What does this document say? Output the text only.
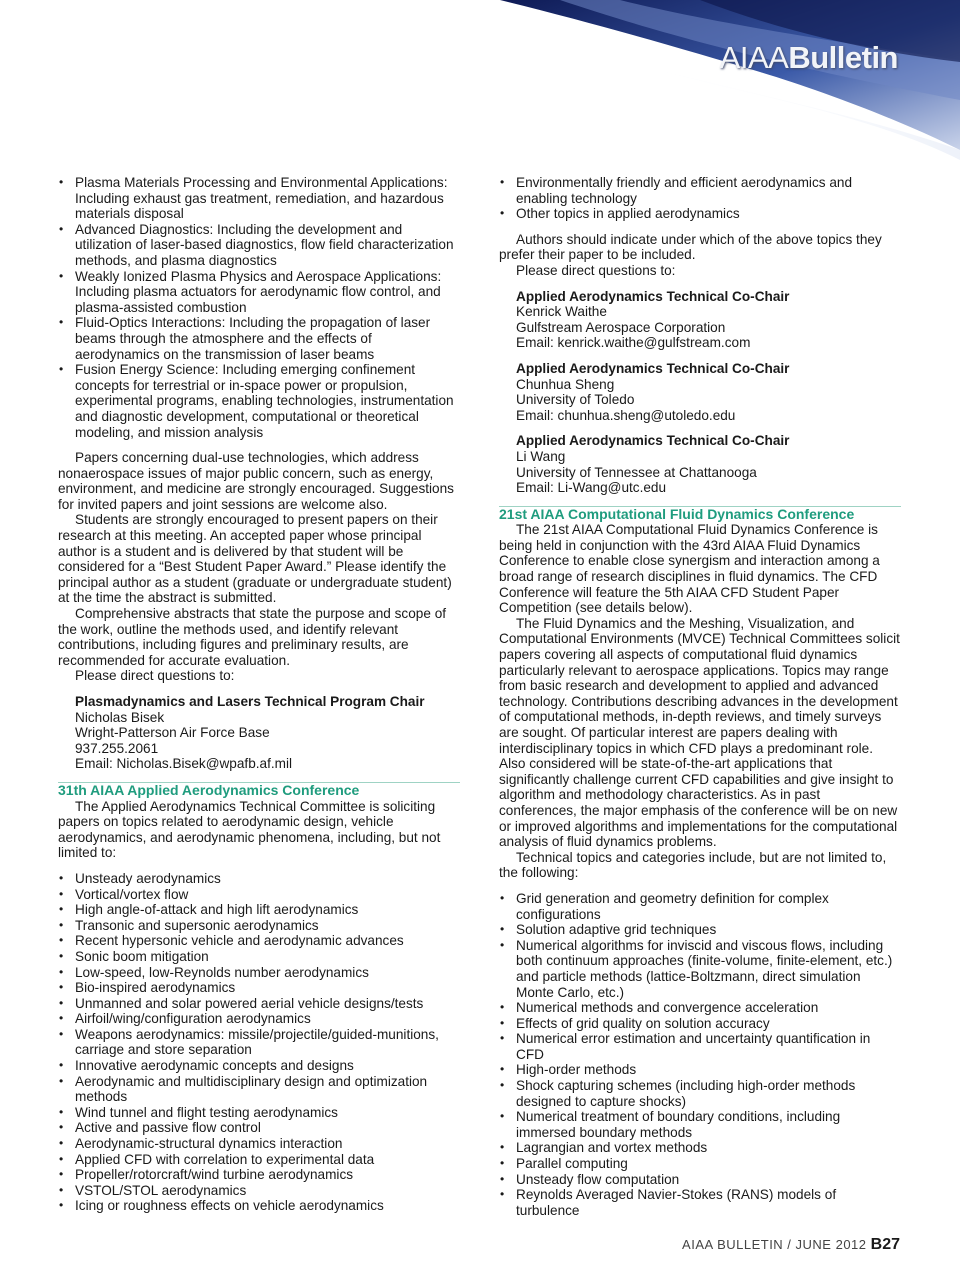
AIAABulletin
• Plasma Materials Processing and Environmental Applications: Including exhaust gas treatment, remediation, and hazardous materials disposal
• Advanced Diagnostics: Including the development and utilization of laser-based diagnostics, flow field characterization methods, and plasma diagnostics
• Weakly Ionized Plasma Physics and Aerospace Applications: Including plasma actuators for aerodynamic flow control, and plasma-assisted combustion
• Fluid-Optics Interactions: Including the propagation of laser beams through the atmosphere and the effects of aerodynamics on the transmission of laser beams
• Fusion Energy Science: Including emerging confinement concepts for terrestrial or in-space power or propulsion, experimental programs, enabling technologies, instrumentation and diagnostic development, computational or theoretical modeling, and mission analysis

Papers concerning dual-use technologies, which address nonaerospace issues of major public concern, such as energy, environment, and medicine are strongly encouraged. Suggestions for invited papers and joint sessions are welcome also.

Students are strongly encouraged to present papers on their research at this meeting. An accepted paper whose principal author is a student and is delivered by that student will be considered for a “Best Student Paper Award.” Please identify the principal author as a student (graduate or undergraduate student) at the time the abstract is submitted.

Comprehensive abstracts that state the purpose and scope of the work, outline the methods used, and identify relevant contributions, including figures and preliminary results, are recommended for accurate evaluation.

Please direct questions to:

Plasmadynamics and Lasers Technical Program Chair
Nicholas Bisek
Wright-Patterson Air Force Base
937.255.2061
Email: Nicholas.Bisek@wpafb.af.mil
31th AIAA Applied Aerodynamics Conference

The Applied Aerodynamics Technical Committee is soliciting papers on topics related to aerodynamic design, vehicle aerodynamics, and aerodynamic phenomena, including, but not limited to:

• Unsteady aerodynamics
• Vortical/vortex flow
• High angle-of-attack and high lift aerodynamics
• Transonic and supersonic aerodynamics
• Recent hypersonic vehicle and aerodynamic advances
• Sonic boom mitigation
• Low-speed, low-Reynolds number aerodynamics
• Bio-inspired aerodynamics
• Unmanned and solar powered aerial vehicle designs/tests
• Airfoil/wing/configuration aerodynamics
• Weapons aerodynamics: missile/projectile/guided-munitions, carriage and store separation
• Innovative aerodynamic concepts and designs
• Aerodynamic and multidisciplinary design and optimization methods
• Wind tunnel and flight testing aerodynamics
• Active and passive flow control
• Aerodynamic-structural dynamics interaction
• Applied CFD with correlation to experimental data
• Propeller/rotorcraft/wind turbine aerodynamics
• VSTOL/STOL aerodynamics
• Icing or roughness effects on vehicle aerodynamics
• Environmentally friendly and efficient aerodynamics and enabling technology
• Other topics in applied aerodynamics

Authors should indicate under which of the above topics they prefer their paper to be included.

Please direct questions to:

Applied Aerodynamics Technical Co-Chair
Kenrick Waithe
Gulfstream Aerospace Corporation
Email: kenrick.waithe@gulfstream.com
Applied Aerodynamics Technical Co-Chair
Chunhua Sheng
University of Toledo
Email: chunhua.sheng@utoledo.edu
Applied Aerodynamics Technical Co-Chair
Li Wang
University of Tennessee at Chattanooga
Email: Li-Wang@utc.edu
21st AIAA Computational Fluid Dynamics Conference

The 21st AIAA Computational Fluid Dynamics Conference is being held in conjunction with the 43rd AIAA Fluid Dynamics Conference to enable close synergism and interaction among a broad range of research disciplines in fluid dynamics. The CFD Conference will feature the 5th AIAA CFD Student Paper Competition (see details below).

The Fluid Dynamics and the Meshing, Visualization, and Computational Environments (MVCE) Technical Committees solicit papers covering all aspects of computational fluid dynamics particularly relevant to aerospace applications. Topics may range from basic research and development to applied and advanced technology. Contributions describing advances in the development of computational methods, in-depth reviews, and timely surveys are sought. Of particular interest are papers dealing with interdisciplinary topics in which CFD plays a predominant role. Also considered will be state-of-the-art applications that significantly challenge current CFD capabilities and give insight to algorithm and methodology characteristics. As in past conferences, the major emphasis of the conference will be on new or improved algorithms and implementations for the computational analysis of fluid dynamics problems.

Technical topics and categories include, but are not limited to, the following:

• Grid generation and geometry definition for complex configurations
• Solution adaptive grid techniques
• Numerical algorithms for inviscid and viscous flows, including both continuum approaches (finite-volume, finite-element, etc.) and particle methods (lattice-Boltzmann, direct simulation Monte Carlo, etc.)
• Numerical methods and convergence acceleration
• Effects of grid quality on solution accuracy
• Numerical error estimation and uncertainty quantification in CFD
• High-order methods
• Shock capturing schemes (including high-order methods designed to capture shocks)
• Numerical treatment of boundary conditions, including immersed boundary methods
• Lagrangian and vortex methods
• Parallel computing
• Unsteady flow computation
• Reynolds Averaged Navier-Stokes (RANS) models of turbulence
AIAA BULLETIN / JUNE 2012 B27
